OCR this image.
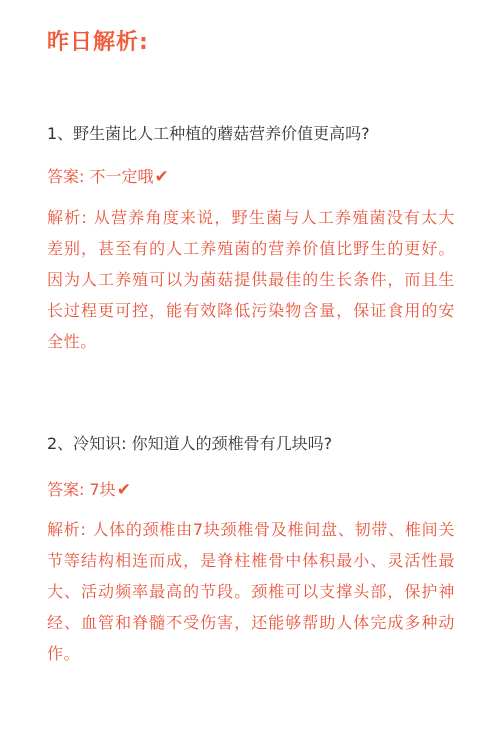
昨日解析:
1、野生菌比人工种植的蘑菇营养价值更高吗?
答案: 不一定哦✔
解析: 从营养角度来说，野生菌与人工养殖菌没有太大差别，甚至有的人工养殖菌的营养价值比野生的更好。因为人工养殖可以为菌菇提供最佳的生长条件，而且生长过程更可控，能有效降低污染物含量，保证食用的安全性。
2、冷知识: 你知道人的颈椎骨有几块吗?
答案: 7块✔
解析: 人体的颈椎由7块颈椎骨及椎间盘、韧带、椎间关节等结构相连而成，是脊柱椎骨中体积最小、灵活性最大、活动频率最高的节段。颈椎可以支撑头部，保护神经、血管和脊髓不受伤害，还能够帮助人体完成多种动作。
